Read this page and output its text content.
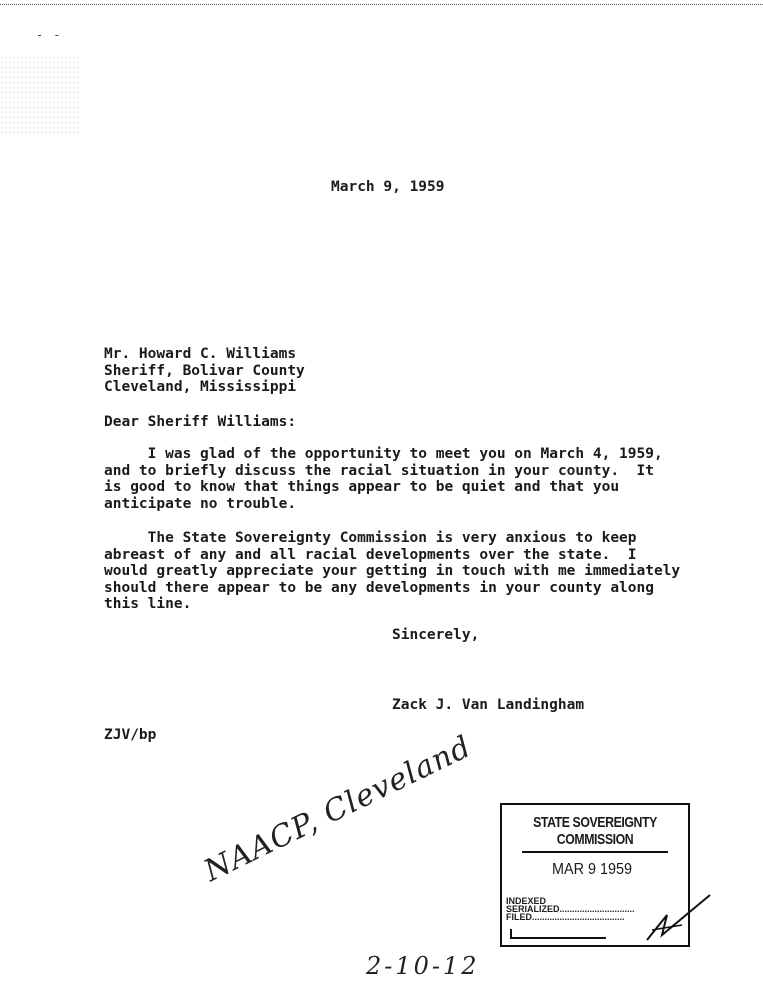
--
March 9, 1959
Mr. Howard C. Williams
Sheriff, Bolivar County
Cleveland, Mississippi
Dear Sheriff Williams:
I was glad of the opportunity to meet you on March 4, 1959,
and to briefly discuss the racial situation in your county.  It
is good to know that things appear to be quiet and that you
anticipate no trouble.
The State Sovereignty Commission is very anxious to keep
abreast of any and all racial developments over the state.  I
would greatly appreciate your getting in touch with me immediately
should there appear to be any developments in your county along
this line.
Sincerely,
Zack J. Van Landingham
ZJV/bp
STATE SOVEREIGNTY COMMISSION
MAR 9 1959
INDEXED
SERIALIZED..............................
FILED.....................................
NAACP, Cleveland
2-10-12
